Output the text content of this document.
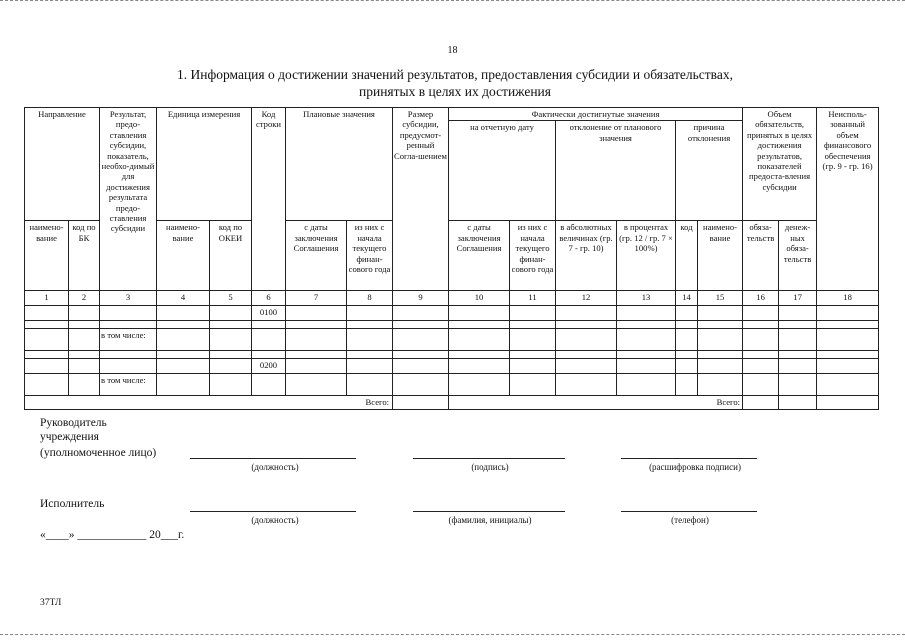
18
1. Информация о достижении значений результатов, предоставления субсидии и обязательствах,
принятых в целях их достижения
Направление		Результат, предо-ставления субсидии, показатель, необхо-димый для достижения результата предо-ставления субсидии	Единица измерения		Код строки	Плановые значения		Размер субсидии, предусмот-ренный Согла-шением	Фактически достигнутые значения						Объем обязательств, принятых в целях достижения результатов, показателей предоста-вления субсидии		Неисполь-зованный объем финансового обеспечения (гр. 9 - гр. 16)
									на отчетную дату		отклонение от планового значения		причина отклонения				
наимено-вание	код по БК		наимено-вание	код по ОКЕИ		с даты заключения Соглашения	из них с начала текущего финан-сового года		с даты заключения Соглашения	из них с начала текущего финан-сового года	в абсолютных величинах (гр. 7 - гр. 10)	в процентах (гр. 12 / гр. 7 × 100%)	код	наимено-вание	обяза-тельств	денеж-ных обяза-тельств	
1	2	3	4	5	6	7	8	9	10	11	12	13	14	15	16	17	18
					0100												

		в том числе:															

					0200												
		в том числе:															

Всего:									Всего:								
Руководитель
учреждения
(уполномоченное лицо)
(должность)	(подпись)	(расшифровка подписи)
Исполнитель
(должность)	(фамилия, инициалы)	(телефон)
«____» ____________ 20___г.
37ТЛ
